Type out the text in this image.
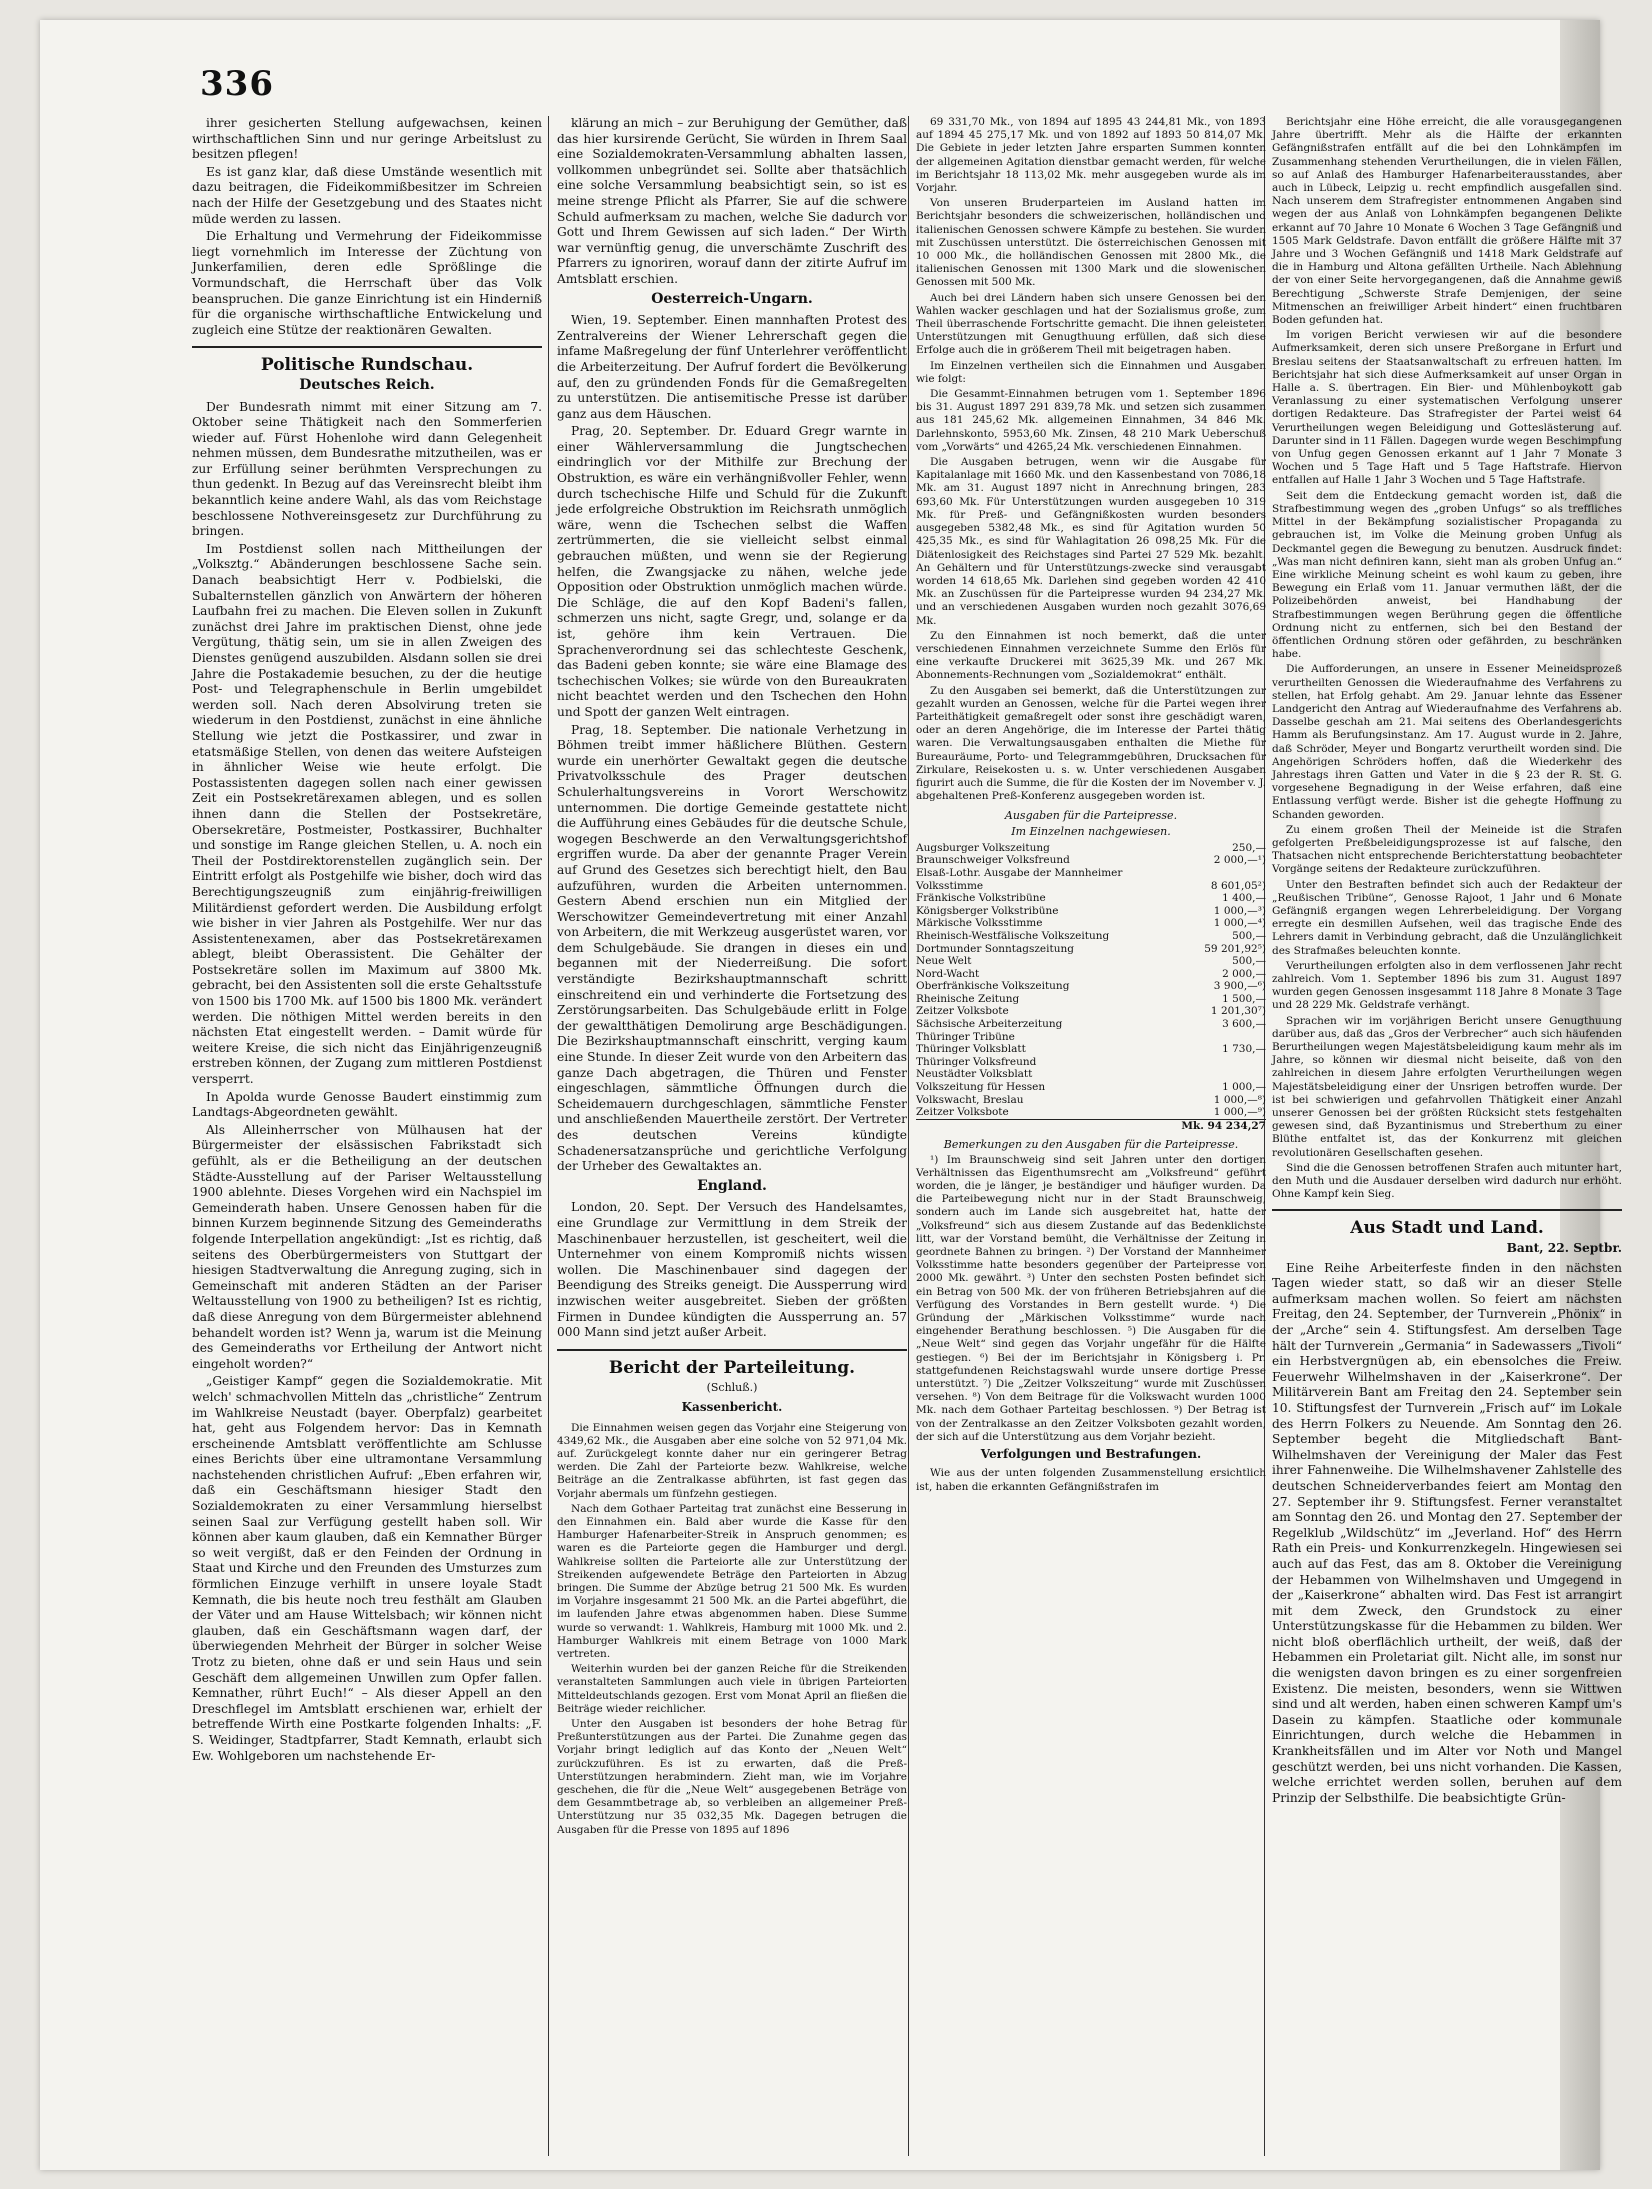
336

ihrer gesicherten Stellung aufgewachsen, keinen wirthschaftlichen Sinn und nur geringe Arbeitslust zu besitzen pflegen!

Es ist ganz klar, daß diese Umstände wesentlich mit dazu beitragen, die Fideikommißbesitzer im Schreien nach der Hilfe der Gesetzgebung und des Staates nicht müde werden zu lassen.

Die Erhaltung und Vermehrung der Fideikommisse liegt vornehmlich im Interesse der Züchtung von Junkerfamilien, deren edle Sprößlinge die Vormundschaft, die Herrschaft über das Volk beanspruchen. Die ganze Einrichtung ist ein Hinderniß für die organische wirthschaftliche Entwickelung und zugleich eine Stütze der reaktionären Gewalten.

Politische Rundschau.
Deutsches Reich.

Der Bundesrath nimmt mit einer Sitzung am 7. Oktober seine Thätigkeit nach den Sommerferien wieder auf. Fürst Hohenlohe wird dann Gelegenheit nehmen müssen, dem Bundesrathe mitzutheilen, was er zur Erfüllung seiner berühmten Versprechungen zu thun gedenkt. In Bezug auf das Vereinsrecht bleibt ihm bekanntlich keine andere Wahl, als das vom Reichstage beschlossene Nothvereinsgesetz zur Durchführung zu bringen.

Im Postdienst sollen nach Mittheilungen der „Volksztg.“ Abänderungen beschlossene Sache sein. Danach beabsichtigt Herr v. Podbielski, die Subalternstellen gänzlich von Anwärtern der höheren Laufbahn frei zu machen. Die Eleven sollen in Zukunft zunächst drei Jahre im praktischen Dienst, ohne jede Vergütung, thätig sein, um sie in allen Zweigen des Dienstes genügend auszubilden. Alsdann sollen sie drei Jahre die Postakademie besuchen, zu der die heutige Post- und Telegraphenschule in Berlin umgebildet werden soll. Nach deren Absolvirung treten sie wiederum in den Postdienst, zunächst in eine ähnliche Stellung wie jetzt die Postkassirer, und zwar in etatsmäßige Stellen, von denen das weitere Aufsteigen in ähnlicher Weise wie heute erfolgt. Die Postassistenten dagegen sollen nach einer gewissen Zeit ein Postsekretärexamen ablegen, und es sollen ihnen dann die Stellen der Postsekretäre, Obersekretäre, Postmeister, Postkassirer, Buchhalter und sonstige im Range gleichen Stellen, u. A. noch ein Theil der Postdirektorenstellen zugänglich sein. Der Eintritt erfolgt als Postgehilfe wie bisher, doch wird das Berechtigungszeugniß zum einjährig-freiwilligen Militärdienst gefordert werden. Die Ausbildung erfolgt wie bisher in vier Jahren als Postgehilfe. Wer nur das Assistentenexamen, aber das Postsekretärexamen ablegt, bleibt Oberassistent. Die Gehälter der Postsekretäre sollen im Maximum auf 3800 Mk. gebracht, bei den Assistenten soll die erste Gehaltsstufe von 1500 bis 1700 Mk. auf 1500 bis 1800 Mk. verändert werden. Die nöthigen Mittel werden bereits in den nächsten Etat eingestellt werden. – Damit würde für weitere Kreise, die sich nicht das Einjährigenzeugniß erstreben können, der Zugang zum mittleren Postdienst versperrt.

In Apolda wurde Genosse Baudert einstimmig zum Landtags-Abgeordneten gewählt.

Als Alleinherrscher von Mülhausen hat der Bürgermeister der elsässischen Fabrikstadt sich gefühlt, als er die Betheiligung an der deutschen Städte-Ausstellung auf der Pariser Weltausstellung 1900 ablehnte. Dieses Vorgehen wird ein Nachspiel im Gemeinderath haben. Unsere Genossen haben für die binnen Kurzem beginnende Sitzung des Gemeinderaths folgende Interpellation angekündigt: „Ist es richtig, daß seitens des Oberbürgermeisters von Stuttgart der hiesigen Stadtverwaltung die Anregung zuging, sich in Gemeinschaft mit anderen Städten an der Pariser Weltausstellung von 1900 zu betheiligen? Ist es richtig, daß diese Anregung von dem Bürgermeister ablehnend behandelt worden ist? Wenn ja, warum ist die Meinung des Gemeinderaths vor Ertheilung der Antwort nicht eingeholt worden?“

„Geistiger Kampf“ gegen die Sozialdemokratie. Mit welch' schmachvollen Mitteln das „christliche“ Zentrum im Wahlkreise Neustadt (bayer. Oberpfalz) gearbeitet hat, geht aus Folgendem hervor: Das in Kemnath erscheinende Amtsblatt veröffentlichte am Schlusse eines Berichts über eine ultramontane Versammlung nachstehenden christlichen Aufruf: „Eben erfahren wir, daß ein Geschäftsmann hiesiger Stadt den Sozialdemokraten zu einer Versammlung hierselbst seinen Saal zur Verfügung gestellt haben soll. Wir können aber kaum glauben, daß ein Kemnather Bürger so weit vergißt, daß er den Feinden der Ordnung in Staat und Kirche und den Freunden des Umsturzes zum förmlichen Einzuge verhilft in unsere loyale Stadt Kemnath, die bis heute noch treu festhält am Glauben der Väter und am Hause Wittelsbach; wir können nicht glauben, daß ein Geschäftsmann wagen darf, der überwiegenden Mehrheit der Bürger in solcher Weise Trotz zu bieten, ohne daß er und sein Haus und sein Geschäft dem allgemeinen Unwillen zum Opfer fallen. Kemnather, rührt Euch!“ – Als dieser Appell an den Dreschflegel im Amtsblatt erschienen war, erhielt der betreffende Wirth eine Postkarte folgenden Inhalts: „F. S. Weidinger, Stadtpfarrer, Stadt Kemnath, erlaubt sich Ew. Wohlgeboren um nachstehende Er-

klärung an mich – zur Beruhigung der Gemüther, daß das hier kursirende Gerücht, Sie würden in Ihrem Saal eine Sozialdemokraten-Versammlung abhalten lassen, vollkommen unbegründet sei. Sollte aber thatsächlich eine solche Versammlung beabsichtigt sein, so ist es meine strenge Pflicht als Pfarrer, Sie auf die schwere Schuld aufmerksam zu machen, welche Sie dadurch vor Gott und Ihrem Gewissen auf sich laden.“ Der Wirth war vernünftig genug, die unverschämte Zuschrift des Pfarrers zu ignoriren, worauf dann der zitirte Aufruf im Amtsblatt erschien.

Oesterreich-Ungarn.

Wien, 19. September. Einen mannhaften Protest des Zentralvereins der Wiener Lehrerschaft gegen die infame Maßregelung der fünf Unterlehrer veröffentlicht die Arbeiterzeitung. Der Aufruf fordert die Bevölkerung auf, den zu gründenden Fonds für die Gemaßregelten zu unterstützen. Die antisemitische Presse ist darüber ganz aus dem Häuschen.

Prag, 20. September. Dr. Eduard Gregr warnte in einer Wählerversammlung die Jungtschechen eindringlich vor der Mithilfe zur Brechung der Obstruktion, es wäre ein verhängnißvoller Fehler, wenn durch tschechische Hilfe und Schuld für die Zukunft jede erfolgreiche Obstruktion im Reichsrath unmöglich wäre, wenn die Tschechen selbst die Waffen zertrümmerten, die sie vielleicht selbst einmal gebrauchen müßten, und wenn sie der Regierung helfen, die Zwangsjacke zu nähen, welche jede Opposition oder Obstruktion unmöglich machen würde. Die Schläge, die auf den Kopf Badeni's fallen, schmerzen uns nicht, sagte Gregr, und, solange er da ist, gehöre ihm kein Vertrauen. Die Sprachenverordnung sei das schlechteste Geschenk, das Badeni geben konnte; sie wäre eine Blamage des tschechischen Volkes; sie würde von den Bureaukraten nicht beachtet werden und den Tschechen den Hohn und Spott der ganzen Welt eintragen.

Prag, 18. September. Die nationale Verhetzung in Böhmen treibt immer häßlichere Blüthen. Gestern wurde ein unerhörter Gewaltakt gegen die deutsche Privatvolksschule des Prager deutschen Schulerhaltungsvereins in Vorort Werschowitz unternommen. Die dortige Gemeinde gestattete nicht die Aufführung eines Gebäudes für die deutsche Schule, wogegen Beschwerde an den Verwaltungsgerichtshof ergriffen wurde. Da aber der genannte Prager Verein auf Grund des Gesetzes sich berechtigt hielt, den Bau aufzuführen, wurden die Arbeiten unternommen. Gestern Abend erschien nun ein Mitglied der Werschowitzer Gemeindevertretung mit einer Anzahl von Arbeitern, die mit Werkzeug ausgerüstet waren, vor dem Schulgebäude. Sie drangen in dieses ein und begannen mit der Niederreißung. Die sofort verständigte Bezirkshauptmannschaft schritt einschreitend ein und verhinderte die Fortsetzung des Zerstörungsarbeiten. Das Schulgebäude erlitt in Folge der gewaltthätigen Demolirung arge Beschädigungen. Die Bezirkshauptmannschaft einschritt, verging kaum eine Stunde. In dieser Zeit wurde von den Arbeitern das ganze Dach abgetragen, die Thüren und Fenster eingeschlagen, sämmtliche Öffnungen durch die Scheidemauern durchgeschlagen, sämmtliche Fenster und anschließenden Mauertheile zerstört. Der Vertreter des deutschen Vereins kündigte Schadenersatzansprüche und gerichtliche Verfolgung der Urheber des Gewaltaktes an.

England.

London, 20. Sept. Der Versuch des Handelsamtes, eine Grundlage zur Vermittlung in dem Streik der Maschinenbauer herzustellen, ist gescheitert, weil die Unternehmer von einem Kompromiß nichts wissen wollen. Die Maschinenbauer sind dagegen der Beendigung des Streiks geneigt. Die Aussperrung wird inzwischen weiter ausgebreitet. Sieben der größten Firmen in Dundee kündigten die Aussperrung an. 57 000 Mann sind jetzt außer Arbeit.

Bericht der Parteileitung.
(Schluß.)
Kassenbericht.

Die Einnahmen weisen gegen das Vorjahr eine Steigerung von 4349,62 Mk., die Ausgaben aber eine solche von 52 971,04 Mk. auf. Zurückgelegt konnte daher nur ein geringerer Betrag werden. Die Zahl der Parteiorte bezw. Wahlkreise, welche Beiträge an die Zentralkasse abführten, ist fast gegen das Vorjahr abermals um fünfzehn gestiegen.

Nach dem Gothaer Parteitag trat zunächst eine Besserung in den Einnahmen ein. Bald aber wurde die Kasse für den Hamburger Hafenarbeiter-Streik in Anspruch genommen; es waren es die Parteiorte gegen die Hamburger und dergl. Wahlkreise sollten die Parteiorte alle zur Unterstützung der Streikenden aufgewendete Beträge den Parteiorten in Abzug bringen. Die Summe der Abzüge betrug 21 500 Mk. Es wurden im Vorjahre insgesammt 21 500 Mk. an die Partei abgeführt, die im laufenden Jahre etwas abgenommen haben. Diese Summe wurde so verwandt: 1. Wahlkreis, Hamburg mit 1000 Mk. und 2. Hamburger Wahlkreis mit einem Betrage von 1000 Mark vertreten.

Weiterhin wurden bei der ganzen Reiche für die Streikenden veranstalteten Sammlungen auch viele in übrigen Parteiorten Mitteldeutschlands gezogen. Erst vom Monat April an fließen die Beiträge wieder reichlicher.

Unter den Ausgaben ist besonders der hohe Betrag für Preßunterstützungen aus der Partei. Die Zunahme gegen das Vorjahr bringt lediglich auf das Konto der „Neuen Welt“ zurückzuführen. Es ist zu erwarten, daß die Preß-Unterstützungen herabmindern. Zieht man, wie im Vorjahre geschehen, die für die „Neue Welt“ ausgegebenen Beträge von dem Gesammtbetrage ab, so verbleiben an allgemeiner Preß-Unterstützung nur 35 032,35 Mk. Dagegen betrugen die Ausgaben für die Presse von 1895 auf 1896

69 331,70 Mk., von 1894 auf 1895 43 244,81 Mk., von 1893 auf 1894 45 275,17 Mk. und von 1892 auf 1893 50 814,07 Mk. Die Gebiete in jeder letzten Jahre ersparten Summen konnten der allgemeinen Agitation dienstbar gemacht werden, für welche im Berichtsjahr 18 113,02 Mk. mehr ausgegeben wurde als im Vorjahr.

Von unseren Bruderparteien im Ausland hatten im Berichtsjahr besonders die schweizerischen, holländischen und italienischen Genossen schwere Kämpfe zu bestehen. Sie wurden mit Zuschüssen unterstützt. Die österreichischen Genossen mit 10 000 Mk., die holländischen Genossen mit 2800 Mk., die italienischen Genossen mit 1300 Mark und die slowenischen Genossen mit 500 Mk.

Auch bei drei Ländern haben sich unsere Genossen bei den Wahlen wacker geschlagen und hat der Sozialismus große, zum Theil überraschende Fortschritte gemacht. Die ihnen geleisteten Unterstützungen mit Genugthuung erfüllen, daß sich diese Erfolge auch die in größerem Theil mit beigetragen haben.

Im Einzelnen vertheilen sich die Einnahmen und Ausgaben wie folgt:

Die Gesammt-Einnahmen betrugen vom 1. September 1896 bis 31. August 1897 291 839,78 Mk. und setzen sich zusammen aus 181 245,62 Mk. allgemeinen Einnahmen, 34 846 Mk. Darlehnskonto, 5953,60 Mk. Zinsen, 48 210 Mark Ueberschuß vom „Vorwärts“ und 4265,24 Mk. verschiedenen Einnahmen.

Die Ausgaben betrugen, wenn wir die Ausgabe für Kapitalanlage mit 1660 Mk. und den Kassenbestand von 7086,18 Mk. am 31. August 1897 nicht in Anrechnung bringen, 283 693,60 Mk. Für Unterstützungen wurden ausgegeben 10 319 Mk. für Preß- und Gefängnißkosten wurden besonders ausgegeben 5382,48 Mk., es sind für Agitation wurden 50 425,35 Mk., es sind für Wahlagitation 26 098,25 Mk. Für die Diätenlosigkeit des Reichstages sind Partei 27 529 Mk. bezahlt. An Gehältern und für Unterstützungs-zwecke sind verausgabt worden 14 618,65 Mk. Darlehen sind gegeben worden 42 410 Mk. an Zuschüssen für die Parteipresse wurden 94 234,27 Mk. und an verschiedenen Ausgaben wurden noch gezahlt 3076,69 Mk.

Zu den Einnahmen ist noch bemerkt, daß die unter verschiedenen Einnahmen verzeichnete Summe den Erlös für eine verkaufte Druckerei mit 3625,39 Mk. und 267 Mk. Abonnements-Rechnungen vom „Sozialdemokrat“ enthält.

Zu den Ausgaben sei bemerkt, daß die Unterstützungen zur gezahlt wurden an Genossen, welche für die Partei wegen ihrer Parteithätigkeit gemaßregelt oder sonst ihre geschädigt waren, oder an deren Angehörige, die im Interesse der Partei thätig waren. Die Verwaltungsausgaben enthalten die Miethe für Bureauräume, Porto- und Telegrammgebühren, Drucksachen für Zirkulare, Reisekosten u. s. w. Unter verschiedenen Ausgaben figurirt auch die Summe, die für die Kosten der im November v. J. abgehaltenen Preß-Konferenz ausgegeben worden ist.

Ausgaben für die Parteipresse.
Im Einzelnen nachgewiesen.
Augsburger Volkszeitung	250,—
Braunschweiger Volksfreund	2 000,—¹)
Elsaß-Lothr. Ausgabe der Mannheimer	
Volksstimme	8 601,05²)
Fränkische Volkstribüne	1 400,—
Königsberger Volkstribüne	1 000,—³)
Märkische Volksstimme	1 000,—⁴)
Rheinisch-Westfälische Volkszeitung	500,—
Dortmunder Sonntagszeitung	59 201,92⁵)
Neue Welt	500,—
Nord-Wacht	2 000,—
Oberfränkische Volkszeitung	3 900,—⁶)
Rheinische Zeitung	1 500,—
Zeitzer Volksbote	1 201,30⁷)
Sächsische Arbeiterzeitung	3 600,—
Thüringer Tribüne	
Thüringer Volksblatt	1 730,—
Thüringer Volksfreund	
Neustädter Volksblatt	
Volkszeitung für Hessen	1 000,—
Volkswacht, Breslau	1 000,—⁸)
Zeitzer Volksbote	1 000,—⁹)
	Mk. 94 234,27
Bemerkungen zu den Ausgaben für die Parteipresse.

¹) Im Braunschweig sind seit Jahren unter den dortigen Verhältnissen das Eigenthumsrecht am „Volksfreund“ geführt worden, die je länger, je beständiger und häufiger wurden. Da die Parteibewegung nicht nur in der Stadt Braunschweig, sondern auch im Lande sich ausgebreitet hat, hatte der „Volksfreund“ sich aus diesem Zustande auf das Bedenklichste litt, war der Vorstand bemüht, die Verhältnisse der Zeitung in geordnete Bahnen zu bringen. ²) Der Vorstand der Mannheimer Volksstimme hatte besonders gegenüber der Parteipresse von 2000 Mk. gewährt. ³) Unter den sechsten Posten befindet sich ein Betrag von 500 Mk. der von früheren Betriebsjahren auf die Verfügung des Vorstandes in Bern gestellt wurde. ⁴) Die Gründung der „Märkischen Volksstimme“ wurde nach eingehender Berathung beschlossen. ⁵) Die Ausgaben für die „Neue Welt“ sind gegen das Vorjahr ungefähr für die Hälfte gestiegen. ⁶) Bei der im Berichtsjahr in Königsberg i. Pr. stattgefundenen Reichstagswahl wurde unsere dortige Presse unterstützt. ⁷) Die „Zeitzer Volkszeitung“ wurde mit Zuschüssen versehen. ⁸) Von dem Beitrage für die Volkswacht wurden 1000 Mk. nach dem Gothaer Parteitag beschlossen. ⁹) Der Betrag ist von der Zentralkasse an den Zeitzer Volksboten gezahlt worden, der sich auf die Unterstützung aus dem Vorjahr bezieht.

Verfolgungen und Bestrafungen.

Wie aus der unten folgenden Zusammenstellung ersichtlich ist, haben die erkannten Gefängnißstrafen im

Berichtsjahr eine Höhe erreicht, die alle vorausgegangenen Jahre übertrifft. Mehr als die Hälfte der erkannten Gefängnißstrafen entfällt auf die bei den Lohnkämpfen im Zusammenhang stehenden Verurtheilungen, die in vielen Fällen, so auf Anlaß des Hamburger Hafenarbeiterausstandes, aber auch in Lübeck, Leipzig u. recht empfindlich ausgefallen sind. Nach unserem dem Strafregister entnommenen Angaben sind wegen der aus Anlaß von Lohnkämpfen begangenen Delikte erkannt auf 70 Jahre 10 Monate 6 Wochen 3 Tage Gefängniß und 1505 Mark Geldstrafe. Davon entfällt die größere Hälfte mit 37 Jahre und 3 Wochen Gefängniß und 1418 Mark Geldstrafe auf die in Hamburg und Altona gefällten Urtheile. Nach Ablehnung der von einer Seite hervorgegangenen, daß die Annahme gewiß Berechtigung „Schwerste Strafe Demjenigen, der seine Mitmenschen an freiwilliger Arbeit hindert“ einen fruchtbaren Boden gefunden hat.

Im vorigen Bericht verwiesen wir auf die besondere Aufmerksamkeit, deren sich unsere Preßorgane in Erfurt und Breslau seitens der Staatsanwaltschaft zu erfreuen hatten. Im Berichtsjahr hat sich diese Aufmerksamkeit auf unser Organ in Halle a. S. übertragen. Ein Bier- und Mühlenboykott gab Veranlassung zu einer systematischen Verfolgung unserer dortigen Redakteure. Das Strafregister der Partei weist 64 Verurtheilungen wegen Beleidigung und Gotteslästerung auf. Darunter sind in 11 Fällen. Dagegen wurde wegen Beschimpfung von Unfug gegen Genossen erkannt auf 1 Jahr 7 Monate 3 Wochen und 5 Tage Haft und 5 Tage Haftstrafe. Hiervon entfallen auf Halle 1 Jahr 3 Wochen und 5 Tage Haftstrafe.

Seit dem die Entdeckung gemacht worden ist, daß die Strafbestimmung wegen des „groben Unfugs“ so als treffliches Mittel in der Bekämpfung sozialistischer Propaganda zu gebrauchen ist, im Volke die Meinung groben Unfug als Deckmantel gegen die Bewegung zu benutzen. Ausdruck findet: „Was man nicht definiren kann, sieht man als groben Unfug an.“ Eine wirkliche Meinung scheint es wohl kaum zu geben, ihre Bewegung ein Erlaß vom 11. Januar vermuthen läßt, der die Polizeibehörden anweist, bei Handhabung der Strafbestimmungen wegen Berührung gegen die öffentliche Ordnung nicht zu entfernen, sich bei den Bestand der öffentlichen Ordnung stören oder gefährden, zu beschränken habe.

Die Aufforderungen, an unsere in Essener Meineidsprozeß verurtheilten Genossen die Wiederaufnahme des Verfahrens zu stellen, hat Erfolg gehabt. Am 29. Januar lehnte das Essener Landgericht den Antrag auf Wiederaufnahme des Verfahrens ab. Dasselbe geschah am 21. Mai seitens des Oberlandesgerichts Hamm als Berufungsinstanz. Am 17. August wurde in 2. Jahre, daß Schröder, Meyer und Bongartz verurtheilt worden sind. Die Angehörigen Schröders hoffen, daß die Wiederkehr des Jahrestags ihren Gatten und Vater in die § 23 der R. St. G. vorgesehene Begnadigung in der Weise erfahren, daß eine Entlassung verfügt werde. Bisher ist die gehegte Hoffnung zu Schanden geworden.

Zu einem großen Theil der Meineide ist die Strafen gefolgerten Preßbeleidigungsprozesse ist auf falsche, den Thatsachen nicht entsprechende Berichterstattung beobachteter Vorgänge seitens der Redakteure zurückzuführen.

Unter den Bestraften befindet sich auch der Redakteur der „Reußischen Tribüne“, Genosse Rajoot, 1 Jahr und 6 Monate Gefängniß ergangen wegen Lehrerbeleidigung. Der Vorgang erregte ein desmillen Aufsehen, weil das tragische Ende des Lehrers damit in Verbindung gebracht, daß die Unzulänglichkeit des Strafmaßes beleuchten konnte.

Verurtheilungen erfolgten also in dem verflossenen Jahr recht zahlreich. Vom 1. September 1896 bis zum 31. August 1897 wurden gegen Genossen insgesammt 118 Jahre 8 Monate 3 Tage und 28 229 Mk. Geldstrafe verhängt.

Sprachen wir im vorjährigen Bericht unsere Genugthuung darüber aus, daß das „Gros der Verbrecher“ auch sich häufenden Berurtheilungen wegen Majestätsbeleidigung kaum mehr als im Jahre, so können wir diesmal nicht beiseite, daß von den zahlreichen in diesem Jahre erfolgten Verurtheilungen wegen Majestätsbeleidigung einer der Unsrigen betroffen wurde. Der ist bei schwierigen und gefahrvollen Thätigkeit einer Anzahl unserer Genossen bei der größten Rücksicht stets festgehalten gewesen sind, daß Byzantinismus und Streberthum zu einer Blüthe entfaltet ist, das der Konkurrenz mit gleichen revolutionären Gesellschaften gesehen.

Sind die die Genossen betroffenen Strafen auch mitunter hart, den Muth und die Ausdauer derselben wird dadurch nur erhöht. Ohne Kampf kein Sieg.

Aus Stadt und Land.
Bant, 22. Septbr.

Eine Reihe Arbeiterfeste finden in den nächsten Tagen wieder statt, so daß wir an dieser Stelle aufmerksam machen wollen. So feiert am nächsten Freitag, den 24. September, der Turnverein „Phönix“ in der „Arche“ sein 4. Stiftungsfest. Am derselben Tage hält der Turnverein „Germania“ in Sadewassers „Tivoli“ ein Herbstvergnügen ab, ein ebensolches die Freiw. Feuerwehr Wilhelmshaven in der „Kaiserkrone“. Der Militärverein Bant am Freitag den 24. September sein 10. Stiftungsfest der Turnverein „Frisch auf“ im Lokale des Herrn Folkers zu Neuende. Am Sonntag den 26. September begeht die Mitgliedschaft Bant-Wilhelmshaven der Vereinigung der Maler das Fest ihrer Fahnenweihe. Die Wilhelmshavener Zahlstelle des deutschen Schneiderverbandes feiert am Montag den 27. September ihr 9. Stiftungsfest. Ferner veranstaltet am Sonntag den 26. und Montag den 27. September der Regelklub „Wildschütz“ im „Jeverland. Hof“ des Herrn Rath ein Preis- und Konkurrenzkegeln. Hingewiesen sei auch auf das Fest, das am 8. Oktober die Vereinigung der Hebammen von Wilhelmshaven und Umgegend in der „Kaiserkrone“ abhalten wird. Das Fest ist arrangirt mit dem Zweck, den Grundstock zu einer Unterstützungskasse für die Hebammen zu bilden. Wer nicht bloß oberflächlich urtheilt, der weiß, daß der Hebammen ein Proletariat gilt. Nicht alle, im sonst nur die wenigsten davon bringen es zu einer sorgenfreien Existenz. Die meisten, besonders, wenn sie Wittwen sind und alt werden, haben einen schweren Kampf um's Dasein zu kämpfen. Staatliche oder kommunale Einrichtungen, durch welche die Hebammen in Krankheitsfällen und im Alter vor Noth und Mangel geschützt werden, bei uns nicht vorhanden. Die Kassen, welche errichtet werden sollen, beruhen auf dem Prinzip der Selbsthilfe. Die beabsichtigte Grün-
